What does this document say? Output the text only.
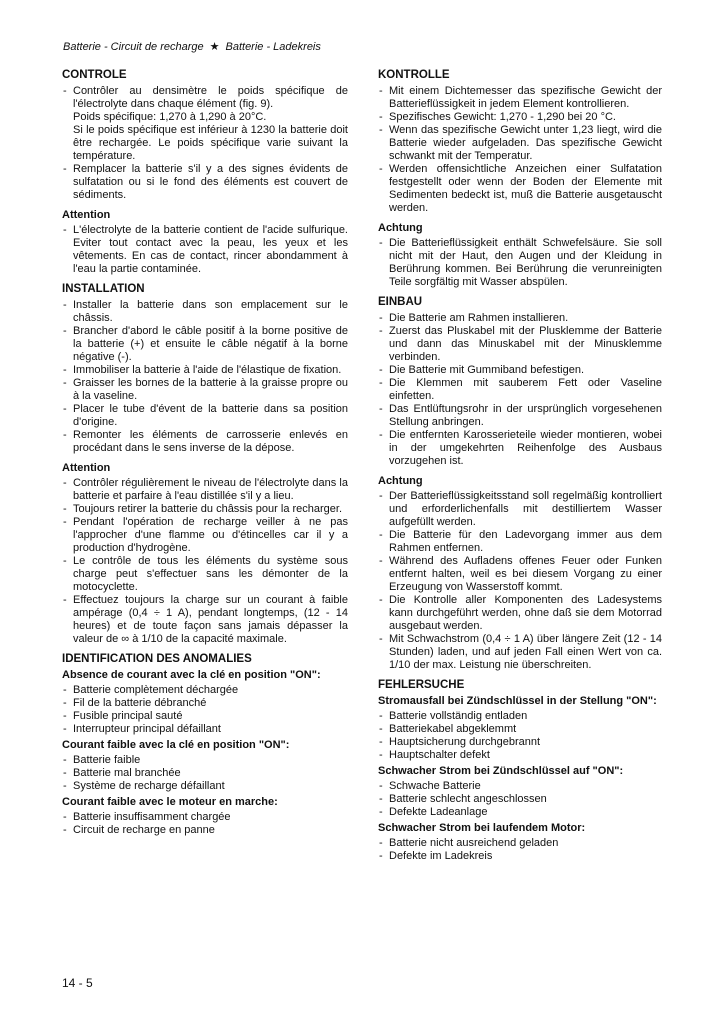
Batterie - Circuit de recharge ★ Batterie - Ladekreis
CONTROLE
- Contrôler au densimètre le poids spécifique de l'électrolyte dans chaque élément (fig. 9).
Poids spécifique: 1,270 à 1,290 à 20°C.
Si le poids spécifique est inférieur à 1230 la batterie doit être rechargée. Le poids spécifique varie suivant la température.
- Remplacer la batterie s'il y a des signes évidents de sulfatation ou si le fond des éléments est couvert de sédiments.
Attention
- L'électrolyte de la batterie contient de l'acide sulfurique. Eviter tout contact avec la peau, les yeux et les vêtements. En cas de contact, rincer abondamment à l'eau la partie contaminée.
INSTALLATION
- Installer la batterie dans son emplacement sur le châssis.
- Brancher d'abord le câble positif à la borne positive de la batterie (+) et ensuite le câble négatif à la borne négative (-).
- Immobiliser la batterie à l'aide de l'élastique de fixation.
- Graisser les bornes de la batterie à la graisse propre ou à la vaseline.
- Placer le tube d'évent de la batterie dans sa position d'origine.
- Remonter les éléments de carrosserie enlevés en procédant dans le sens inverse de la dépose.
Attention
- Contrôler régulièrement le niveau de l'électrolyte dans la batterie et parfaire à l'eau distillée s'il y a lieu.
- Toujours retirer la batterie du châssis pour la recharger.
- Pendant l'opération de recharge veiller à ne pas l'approcher d'une flamme ou d'étincelles car il y a production d'hydrogène.
- Le contrôle de tous les éléments du système sous charge peut s'effectuer sans les démonter de la motocyclette.
- Effectuez toujours la charge sur un courant à faible ampérage (0,4 ÷ 1 A), pendant longtemps, (12 - 14 heures) et de toute façon sans jamais dépasser la valeur de ∞ à 1/10 de la capacité maximale.
IDENTIFICATION DES ANOMALIES
Absence de courant avec la clé en position "ON":
- Batterie complètement déchargée
- Fil de la batterie débranché
- Fusible principal sauté
- Interrupteur principal défaillant
Courant faible avec la clé en position "ON":
- Batterie faible
- Batterie mal branchée
- Système de recharge défaillant
Courant faible avec le moteur en marche:
- Batterie insuffisamment chargée
- Circuit de recharge en panne
KONTROLLE
- Mit einem Dichtemesser das spezifische Gewicht der Batterieflüssigkeit in jedem Element kontrollieren.
- Spezifisches Gewicht: 1,270 - 1,290 bei 20 °C.
- Wenn das spezifische Gewicht unter 1,23 liegt, wird die Batterie wieder aufgeladen. Das spezifische Gewicht schwankt mit der Temperatur.
- Werden offensichtliche Anzeichen einer Sulfatation festgestellt oder wenn der Boden der Elemente mit Sedimenten bedeckt ist, muß die Batterie ausgetauscht werden.
Achtung
- Die Batterieflüssigkeit enthält Schwefelsäure. Sie soll nicht mit der Haut, den Augen und der Kleidung in Berührung kommen. Bei Berührung die verunreinigten Teile sorgfältig mit Wasser abspülen.
EINBAU
- Die Batterie am Rahmen installieren.
- Zuerst das Pluskabel mit der Plusklemme der Batterie und dann das Minuskabel mit der Minusklemme verbinden.
- Die Batterie mit Gummiband befestigen.
- Die Klemmen mit sauberem Fett oder Vaseline einfetten.
- Das Entlüftungsrohr in der ursprünglich vorgesehenen Stellung anbringen.
- Die entfernten Karosserieteile wieder montieren, wobei in der umgekehrten Reihenfolge des Ausbaus vorzugehen ist.
Achtung
- Der Batterieflüssigkeitsstand soll regelmäßig kontrolliert und erforderlichenfalls mit destilliertem Wasser aufgefüllt werden.
- Die Batterie für den Ladevorgang immer aus dem Rahmen entfernen.
- Während des Aufladens offenes Feuer oder Funken entfernt halten, weil es bei diesem Vorgang zu einer Erzeugung von Wasserstoff kommt.
- Die Kontrolle aller Komponenten des Ladesystems kann durchgeführt werden, ohne daß sie dem Motorrad ausgebaut werden.
- Mit Schwachstrom (0,4 ÷ 1 A) über längere Zeit (12 - 14 Stunden) laden, und auf jeden Fall einen Wert von ca. 1/10 der max. Leistung nie überschreiten.
FEHLERSUCHE
Stromausfall bei Zündschlüssel in der Stellung "ON":
- Batterie vollständig entladen
- Batteriekabel abgeklemmt
- Hauptsicherung durchgebrannt
- Hauptschalter defekt
Schwacher Strom bei Zündschlüssel auf "ON":
- Schwache Batterie
- Batterie schlecht angeschlossen
- Defekte Ladeanlage
Schwacher Strom bei laufendem Motor:
- Batterie nicht ausreichend geladen
- Defekte im Ladekreis
14 - 5
